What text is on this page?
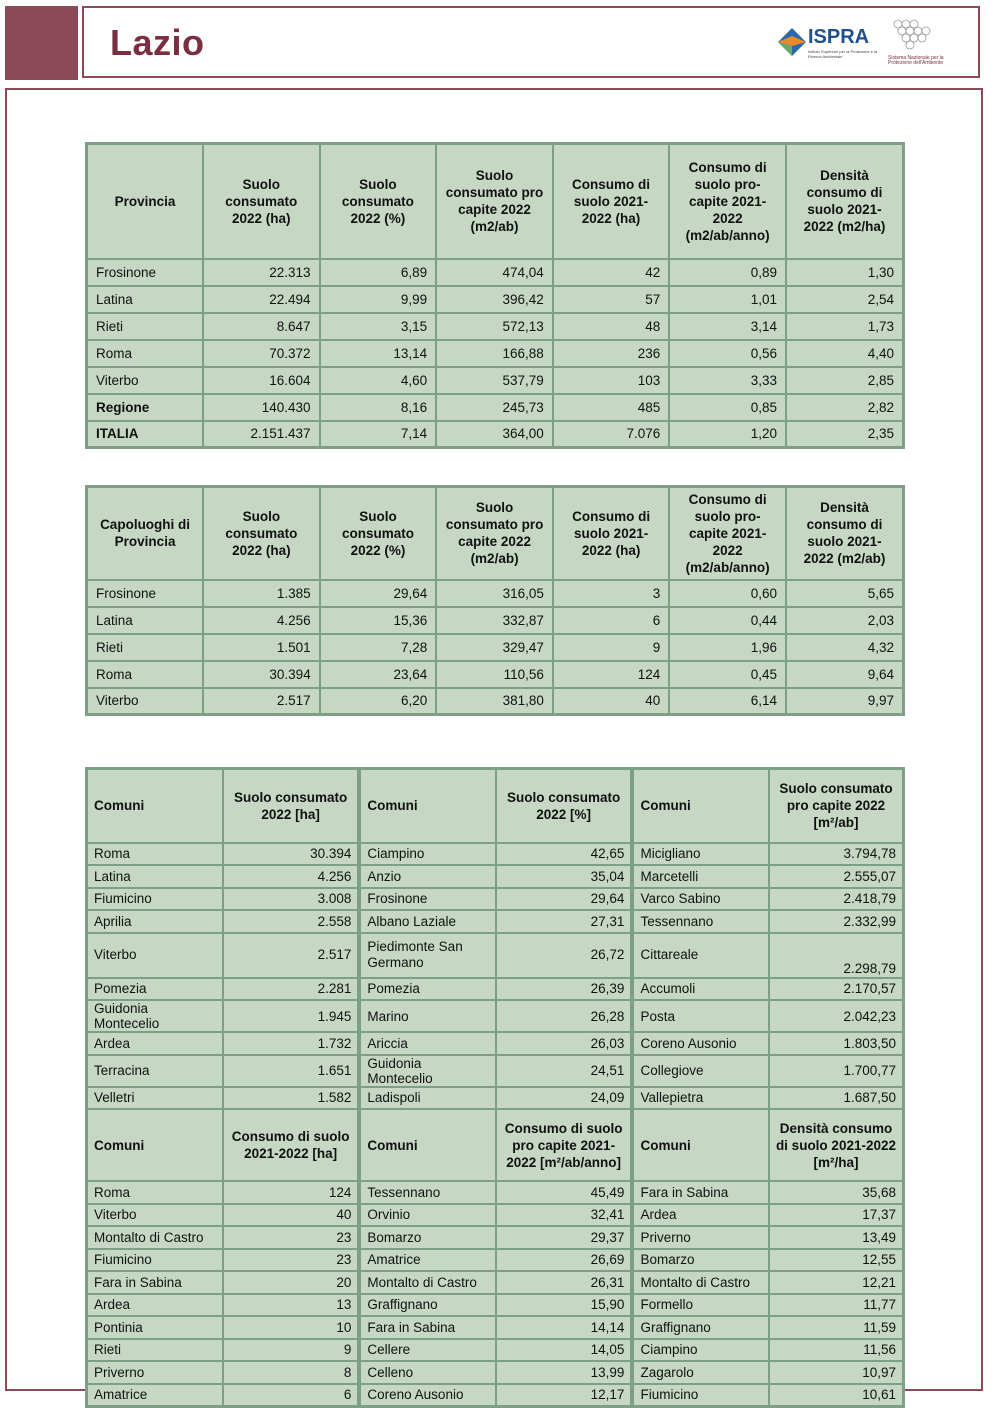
Lazio	ISPRA
Istituto Superiore per la Protezione e la Ricerca Ambientale	Sistema Nazionale per la Protezione dell'Ambiente
Provincia	Suolo consumato 2022 (ha)	Suolo consumato 2022 (%)	Suolo consumato pro capite 2022 (m2/ab)	Consumo di suolo 2021-2022 (ha)	Consumo di suolo pro-capite 2021-2022 (m2/ab/anno)	Densità consumo di suolo 2021-2022 (m2/ha)
Frosinone	22.313	6,89	474,04	42	0,89	1,30
Latina	22.494	9,99	396,42	57	1,01	2,54
Rieti	8.647	3,15	572,13	48	3,14	1,73
Roma	70.372	13,14	166,88	236	0,56	4,40
Viterbo	16.604	4,60	537,79	103	3,33	2,85
Regione	140.430	8,16	245,73	485	0,85	2,82
ITALIA	2.151.437	7,14	364,00	7.076	1,20	2,35
Capoluoghi di Provincia	Suolo consumato 2022 (ha)	Suolo consumato 2022 (%)	Suolo consumato pro capite 2022 (m2/ab)	Consumo di suolo 2021-2022 (ha)	Consumo di suolo pro-capite 2021-2022 (m2/ab/anno)	Densità consumo di suolo 2021-2022 (m2/ab)
Frosinone	1.385	29,64	316,05	3	0,60	5,65
Latina	4.256	15,36	332,87	6	0,44	2,03
Rieti	1.501	7,28	329,47	9	1,96	4,32
Roma	30.394	23,64	110,56	124	0,45	9,64
Viterbo	2.517	6,20	381,80	40	6,14	9,97
Comuni	Suolo consumato 2022 [ha]	Comuni	Suolo consumato 2022 [%]	Comuni	Suolo consumato pro capite 2022 [m²/ab]
Roma	30.394	Ciampino	42,65	Micigliano	3.794,78
Latina	4.256	Anzio	35,04	Marcetelli	2.555,07
Fiumicino	3.008	Frosinone	29,64	Varco Sabino	2.418,79
Aprilia	2.558	Albano Laziale	27,31	Tessennano	2.332,99
Viterbo	2.517	Piedimonte San Germano	26,72	Cittareale	2.298,79
Pomezia	2.281	Pomezia	26,39	Accumoli	2.170,57
Guidonia Montecelio	1.945	Marino	26,28	Posta	2.042,23
Ardea	1.732	Ariccia	26,03	Coreno Ausonio	1.803,50
Terracina	1.651	Guidonia Montecelio	24,51	Collegiove	1.700,77
Velletri	1.582	Ladispoli	24,09	Vallepietra	1.687,50
Comuni	Consumo di suolo 2021-2022 [ha]	Comuni	Consumo di suolo pro capite 2021-2022 [m²/ab/anno]	Comuni	Densità consumo di suolo 2021-2022 [m²/ha]
Roma	124	Tessennano	45,49	Fara in Sabina	35,68
Viterbo	40	Orvinio	32,41	Ardea	17,37
Montalto di Castro	23	Bomarzo	29,37	Priverno	13,49
Fiumicino	23	Amatrice	26,69	Bomarzo	12,55
Fara in Sabina	20	Montalto di Castro	26,31	Montalto di Castro	12,21
Ardea	13	Graffignano	15,90	Formello	11,77
Pontinia	10	Fara in Sabina	14,14	Graffignano	11,59
Rieti	9	Cellere	14,05	Ciampino	11,56
Priverno	8	Celleno	13,99	Zagarolo	10,97
Amatrice	6	Coreno Ausonio	12,17	Fiumicino	10,61
